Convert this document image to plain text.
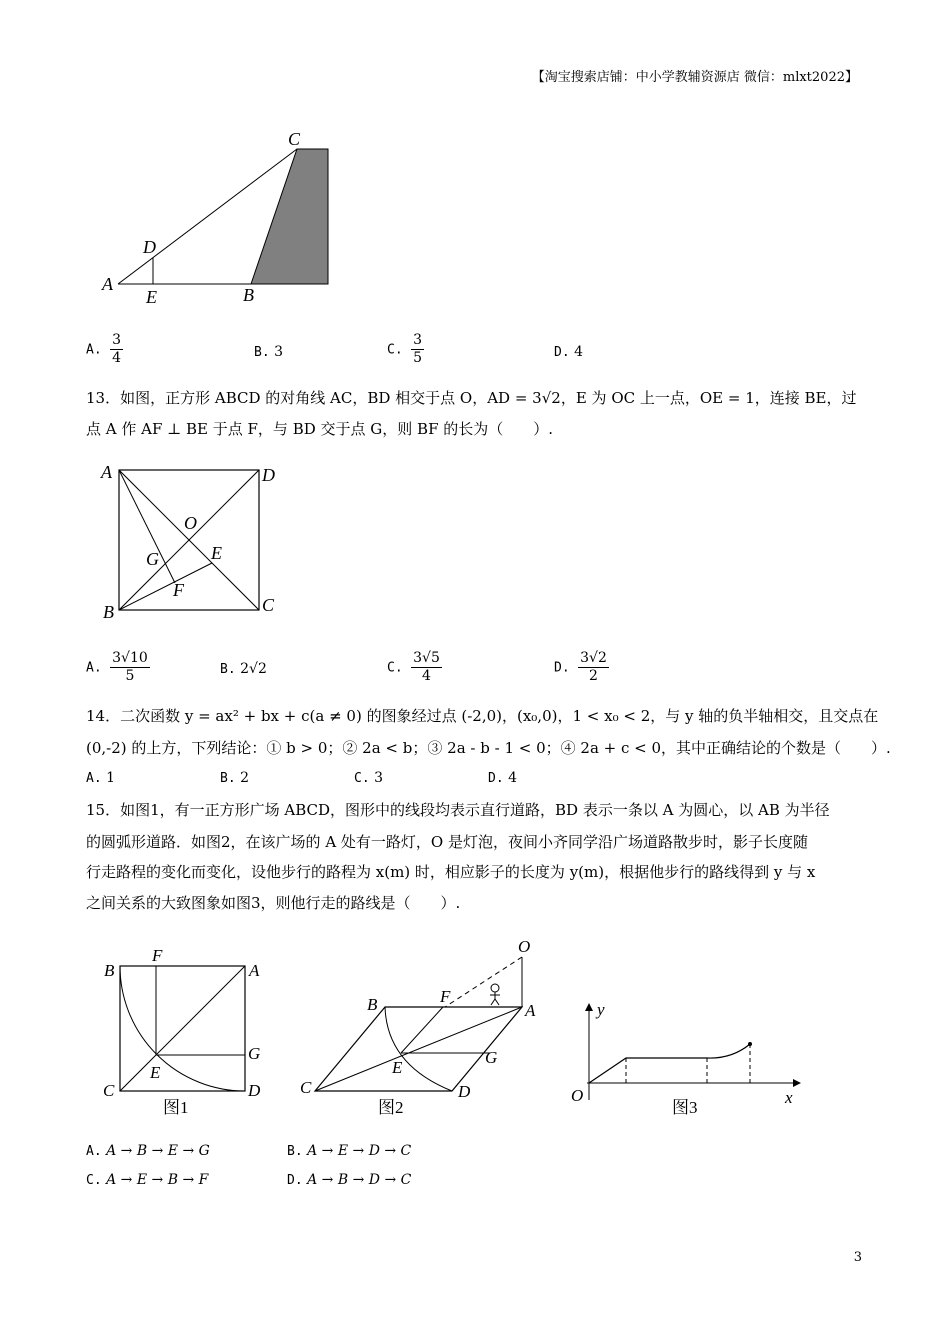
【淘宝搜索店铺：中小学教辅资源店 微信：mlxt2022】
C
D
A
E	B
A. $\frac{3}{4}$	B. 3	C. $\frac{3}{5}$	D. 4
13．如图，正方形 ABCD 的对角线 AC，BD 相交于点 O，AD = 3√2，E 为 OC 上一点，OE = 1，连接 BE，过
点 A 作 AF ⊥ BE 于点 F，与 BD 交于点 G，则 BF 的长为（　　）.
A	D
O
G	E
F
B	C
A. $\frac{3√10}{5}$	B. 2√2	C. $\frac{3√5}{4}$	D. $\frac{3√2}{2}$
14．二次函数 y = ax² + bx + c(a ≠ 0) 的图象经过点 (-2,0)，(x₀,0)，1 < x₀ < 2，与 y 轴的负半轴相交，且交点在
(0,-2) 的上方，下列结论：① b > 0；② 2a < b；③ 2a - b - 1 < 0；④ 2a + c < 0，其中正确结论的个数是（　　）.
A. 1	B. 2	C. 3	D. 4
15．如图1，有一正方形广场 ABCD，图形中的线段均表示直行道路，BD 表示一条以 A 为圆心，以 AB 为半径
的圆弧形道路．如图2，在该广场的 A 处有一路灯，O 是灯泡，夜间小齐同学沿广场道路散步时，影子长度随
行走路程的变化而变化，设他步行的路程为 x(m) 时，相应影子的长度为 y(m)，根据他步行的路线得到 y 与 x
之间关系的大致图象如图3，则他行走的路线是（　　）.
B
F
A
G
E
C	D
图1
O
B	F
A
G
E
C	D
图2
y
x
O
图3
A. A → B → E → G	B. A → E → D → C
C. A → E → B → F	D. A → B → D → C
3
